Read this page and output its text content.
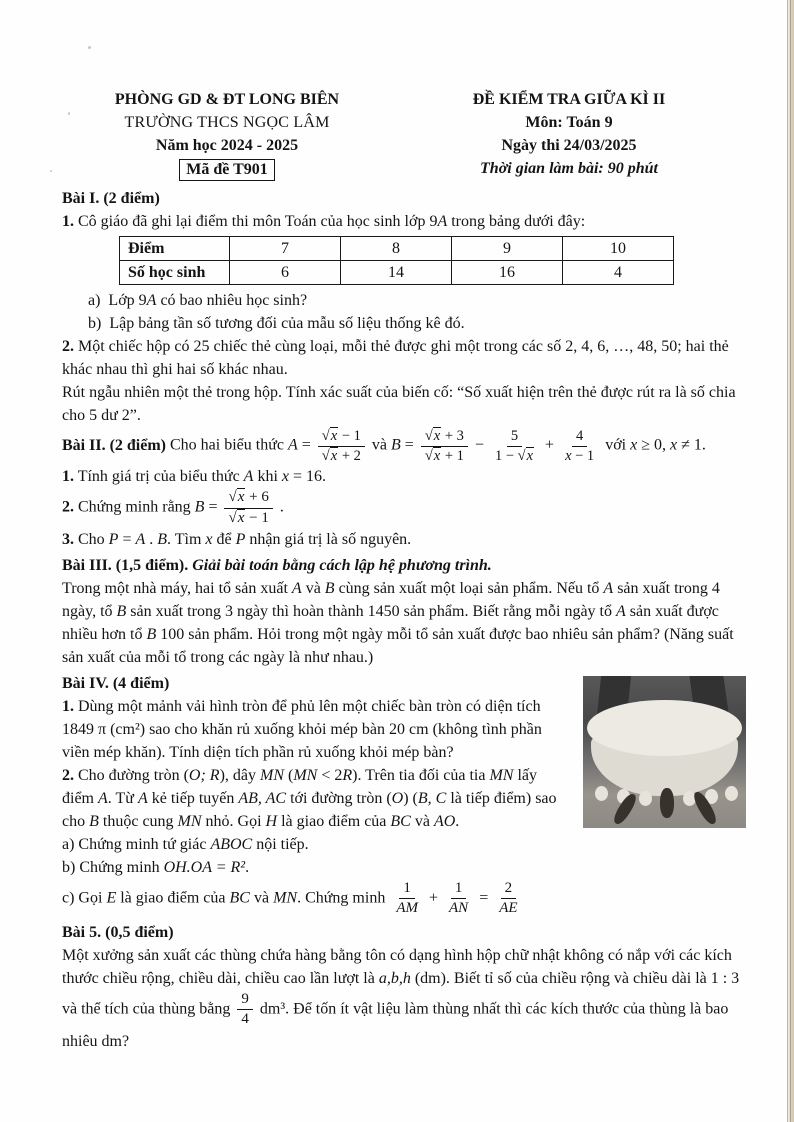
PHÒNG GD & ĐT LONG BIÊN

TRƯỜNG THCS NGỌC LÂM

Năm học 2024 - 2025

Mã đề T901

ĐỀ KIỂM TRA GIỮA KÌ II

Môn: Toán 9

Ngày thi 24/03/2025

Thời gian làm bài: 90 phút

Bài I. (2 điểm)

1. Cô giáo đã ghi lại điểm thi môn Toán của học sinh lớp 9A trong bảng dưới đây:

Điểm	7	8	9	10
Số học sinh	6	14	16	4

a)  Lớp 9A có bao nhiêu học sinh?

b)  Lập bảng tần số tương đối của mẫu số liệu thống kê đó.

2. Một chiếc hộp có 25 chiếc thẻ cùng loại, mỗi thẻ được ghi một trong các số 2, 4, 6, …, 48, 50; hai thẻ khác nhau thì ghi hai số khác nhau.

Rút ngẫu nhiên một thẻ trong hộp. Tính xác suất của biến cố: “Số xuất hiện trên thẻ được rút ra là số chia cho 5 dư 2”.

Bài II. (2 điểm) Cho hai biểu thức $A = \frac{√x - 1}{√x + 2}$ và $B = \frac{√x + 3}{√x + 1} - \frac{5}{1 - √x} + \frac{4}{x - 1}$ với x ≥ 0, x ≠ 1.

1. Tính giá trị của biểu thức A khi x = 16.

2. Chứng minh rằng $B = \frac{√x + 6}{√x - 1}$ .

3. Cho P = A . B. Tìm x để P nhận giá trị là số nguyên.

Bài III. (1,5 điểm). Giải bài toán bằng cách lập hệ phương trình.

Trong một nhà máy, hai tổ sản xuất A và B cùng sản xuất một loại sản phẩm. Nếu tổ A sản xuất trong 4 ngày, tổ B sản xuất trong 3 ngày thì hoàn thành 1450 sản phẩm. Biết rằng mỗi ngày tổ A sản xuất được nhiều hơn tổ B 100 sản phẩm. Hỏi trong một ngày mỗi tổ sản xuất được bao nhiêu sản phẩm? (Năng suất sản xuất của mỗi tổ trong các ngày là như nhau.)

Bài IV. (4 điểm)

1. Dùng một mảnh vải hình tròn để phủ lên một chiếc bàn tròn có diện tích 1849 π (cm²) sao cho khăn rủ xuống khỏi mép bàn 20 cm (không tình phần viền mép khăn). Tính diện tích phần rủ xuống khỏi mép bàn?

2. Cho đường tròn (O; R), dây MN (MN < 2R). Trên tia đối của tia MN lấy điểm A. Từ A kẻ tiếp tuyến AB, AC tới đường tròn (O) (B, C là tiếp điểm) sao cho B thuộc cung MN nhỏ. Gọi H là giao điểm của BC và AO.

a) Chứng minh tứ giác ABOC nội tiếp.

b) Chứng minh OH.OA = R².

c) Gọi E là giao điểm của BC và MN. Chứng minh $\frac{1}{AM} + \frac{1}{AN} = \frac{2}{AE}$

Bài 5. (0,5 điểm)

Một xưởng sản xuất các thùng chứa hàng bằng tôn có dạng hình hộp chữ nhật không có nắp với các kích thước chiều rộng, chiều dài, chiều cao lần lượt là a,b,h (dm). Biết tỉ số của chiều rộng và chiều dài là 1 : 3 và thể tích của thùng bằng $\frac{9}{4} dm^3$. Để tốn ít vật liệu làm thùng nhất thì các kích thước của thùng là bao nhiêu dm?
